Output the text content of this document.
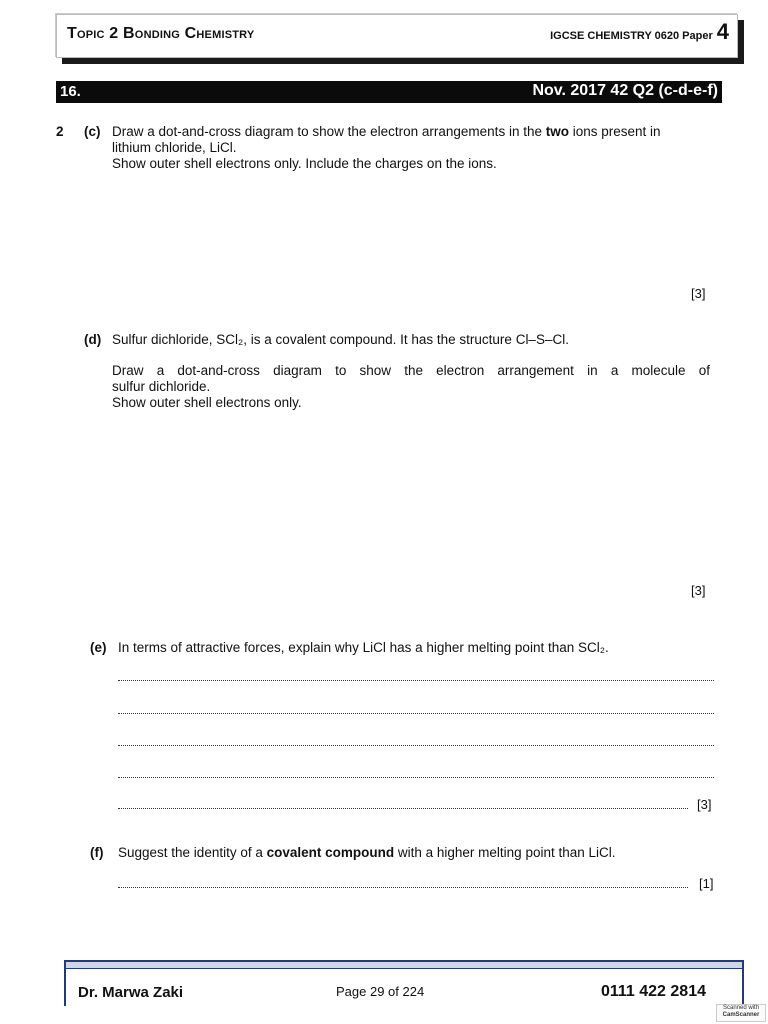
Topic 2 Bonding Chemistry	IGCSE CHEMISTRY 0620 Paper 4
16.	Nov. 2017 42 Q2 (c-d-e-f)
2 (c) Draw a dot-and-cross diagram to show the electron arrangements in the two ions present in
lithium chloride, LiCl.
Show outer shell electrons only. Include the charges on the ions.
[3]
(d) Sulfur dichloride, SCl₂, is a covalent compound. It has the structure Cl–S–Cl.
Draw a dot-and-cross diagram to show the electron arrangement in a molecule of
sulfur dichloride.
Show outer shell electrons only.
[3]
(e) In terms of attractive forces, explain why LiCl has a higher melting point than SCl₂.
[3]
(f) Suggest the identity of a covalent compound with a higher melting point than LiCl.
[1]
Dr. Marwa Zaki	Page 29 of 224	0111 422 2814
Scanned with
CamScanner
